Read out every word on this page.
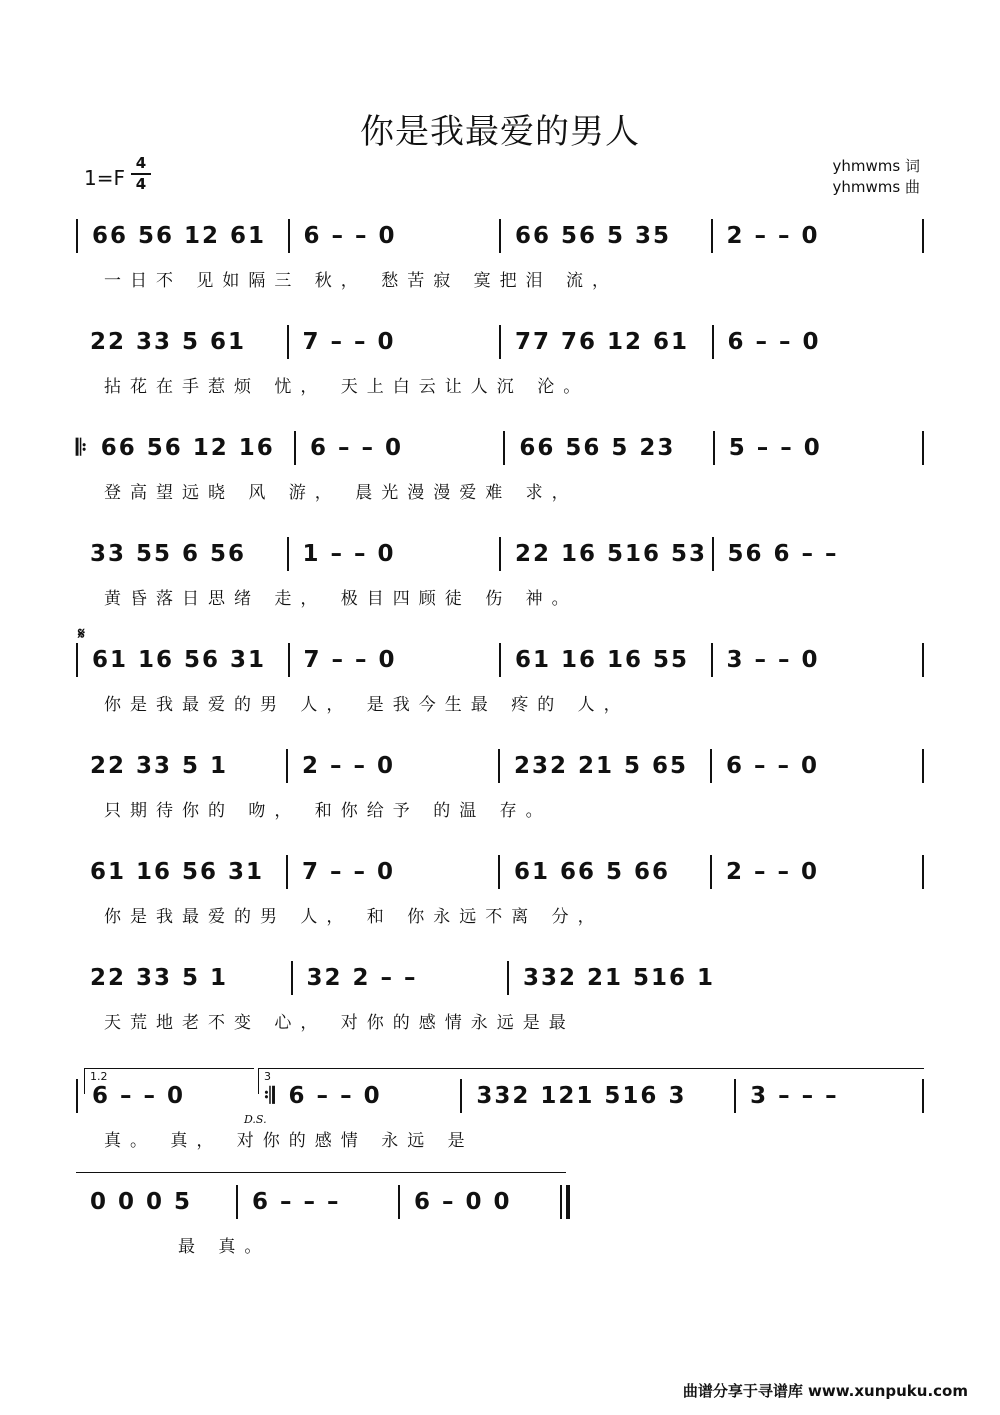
你是我最爱的男人
1=F
4
4
yhmwms 词
yhmwms 曲
66 56 12 61	6 – – 0	66 56 5 35	2 – – 0
一日不 见如隔三 秋， 愁苦寂 寞把泪 流，
22 33 5 61	7 – – 0	77 76 12 61	6 – – 0
拈花在手惹烦 忧， 天上白云让人沉 沦。
𝄆 66 56 12 16	6 – – 0	66 56 5 23	5 – – 0
登高望远晓 风 游， 晨光漫漫爱难 求，
33 55 6 56	1 – – 0	22 16 516 53 56 6 – –
黄昏落日思绪 走， 极目四顾徒 伤 神。
𝄋
61 16 56 31	7 – – 0	61 16 16 55	3 – – 0
你是我最爱的男 人， 是我今生最 疼的 人，
22 33 5 1	2 – – 0	232 21 5 65	6 – – 0
只期待你的 吻， 和你给予 的温 存。
61 16 56 31	7 – – 0	61 66 5 66	2 – – 0
你是我最爱的男 人， 和 你永远不离 分，
22 33 5 1	32 2 – –	332 21 516 1
天荒地老不变 心， 对你的感情永远是最
1.2	3
6 – – 0	𝄇 6 – – 0	332 121 516 3	3 – – –
D.S.
真。 真， 对你的感情 永远 是
0 0 0 5	6 – – –	6 – 0 0
最 真。
曲谱分享于寻谱库 www.xunpuku.com
